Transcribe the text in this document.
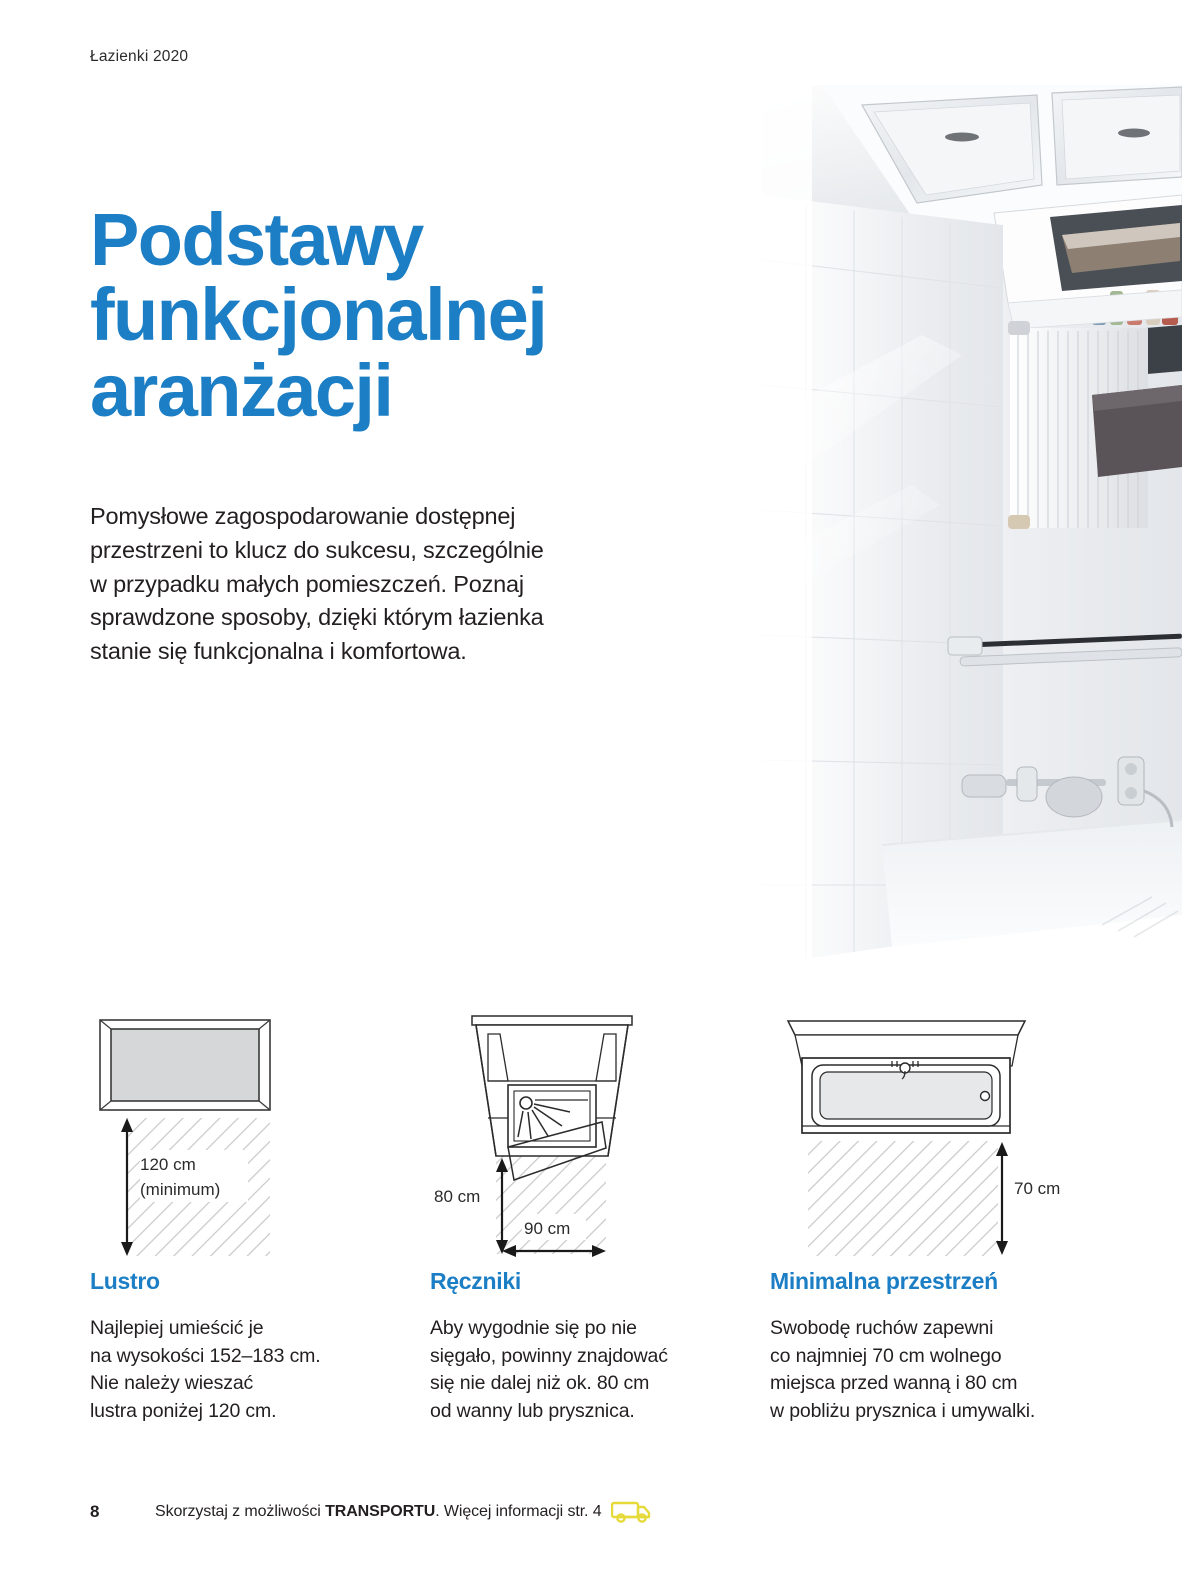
Łazienki 2020
Podstawy
funkcjonalnej
aranżacji
Pomysłowe zagospodarowanie dostępnej
przestrzeni to klucz do sukcesu, szczególnie
w przypadku małych pomieszczeń. Poznaj
sprawdzone sposoby, dzięki którym łazienka
stanie się funkcjonalna i komfortowa.
120 cm
(minimum)
Lustro
Najlepiej umieścić je
na wysokości 152–183 cm.
Nie należy wieszać
lustra poniżej 120 cm.
80 cm
90 cm
Ręczniki
Aby wygodnie się po nie
sięgało, powinny znajdować
się nie dalej niż ok. 80 cm
od wanny lub prysznica.
70 cm
Minimalna przestrzeń
Swobodę ruchów zapewni
co najmniej 70 cm wolnego
miejsca przed wanną i 80 cm
w pobliżu prysznica i umywalki.
8	Skorzystaj z możliwości TRANSPORTU. Więcej informacji str. 4
